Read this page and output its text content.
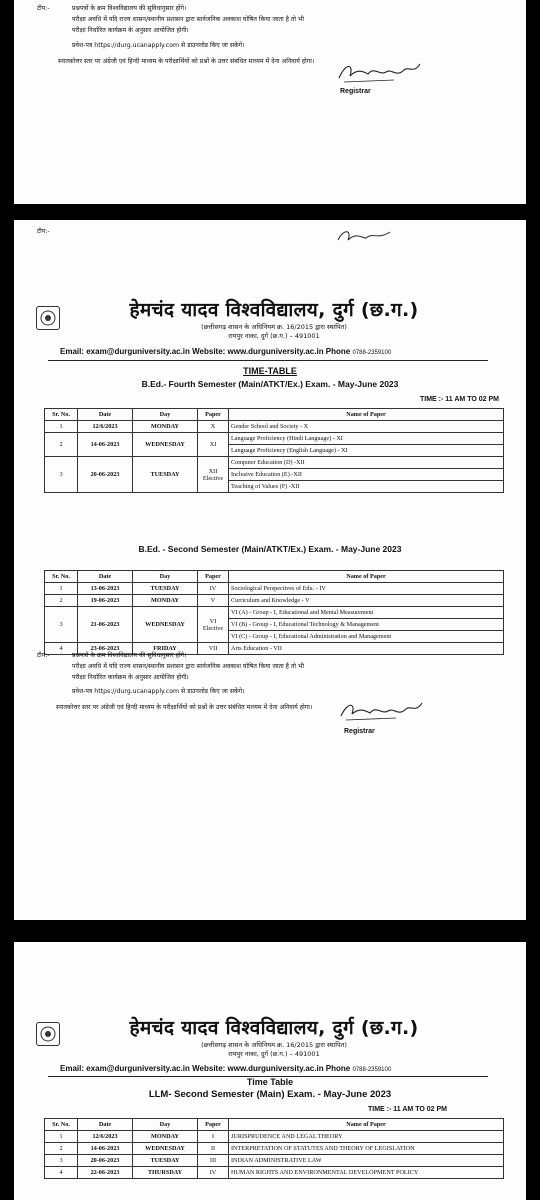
टीप:-	प्रश्नपत्रों के क्रम विश्वविद्यालय की सुविधानुसार होंगे।
परीक्षा अवधि में यदि राज्य शासन/स्थानीय प्रशासन द्वारा सार्वजनिक अवकाश घोषित किया जाता है तो भी
परीक्षा निर्धारित कार्यक्रम के अनुसार आयोजित होगी।
प्रवेश-पत्र https://durg.ucanapply.com से डाउनलोड किए जा सकेंगे।
स्नातकोत्तर स्तर पर अंग्रेजी एवं हिन्दी माध्यम के परीक्षार्थियों को प्रश्नों के उत्तर संबंधित माध्यम में देना अनिवार्य होगा।
Registrar
टीप:-
हेमचंद यादव विश्वविद्यालय, दुर्ग (छ.ग.)
(छत्तीसगढ़ शासन के अधिनियम क्र. 16/2015 द्वारा स्थापित)
रायपुर नाका, दुर्ग (छ.ग.) – 491001
Email: exam@durguniversity.ac.in Website: www.durguniversity.ac.in Phone 0788-2359100
TIME-TABLE
B.Ed.- Fourth Semester (Main/ATKT/Ex.) Exam. - May-June 2023
TIME :- 11 AM TO 02 PM
Sr. No.	Date	Day	Paper	Name of Paper
1	12/6/2023	MONDAY	X	Gender School and Society - X
2	14-06-2023	WEDNESDAY	XI	Language Proficiency (Hindi Language) - XI
				Language Proficiency (English Language) - XI
3	20-06-2023	TUESDAY	XII Elective	Computer Education (D) -XII
				Inclusive Education (E) -XII
				Teaching of Values (F) -XII
B.Ed. - Second Semester (Main/ATKT/Ex.) Exam. - May-June 2023
Sr. No.	Date	Day	Paper	Name of Paper
1	13-06-2023	TUESDAY	IV	Sociological Perspectives of Edu. - IV
2	19-06-2023	MONDAY	V	Curriculum and Knowledge - V
3	21-06-2023	WEDNESDAY	VI Elective	VI (A) - Group - I, Educational and Mental Measurement
				VI (B) - Group - I, Educational Technology & Management
				VI (C) - Group - I, Educational Administration and Management
4	23-06-2023	FRIDAY	VII	Arts Education - VII
टीप:-	प्रश्नपत्रों के क्रम विश्वविद्यालय की सुविधानुसार होंगे।
परीक्षा अवधि में यदि राज्य शासन/स्थानीय प्रशासन द्वारा सार्वजनिक अवकाश घोषित किया जाता है तो भी
परीक्षा निर्धारित कार्यक्रम के अनुसार आयोजित होगी।
प्रवेश-पत्र https://durg.ucanapply.com से डाउनलोड किए जा सकेंगे।
स्नातकोत्तर स्तर पर अंग्रेजी एवं हिन्दी माध्यम के परीक्षार्थियों को प्रश्नों के उत्तर संबंधित माध्यम में देना अनिवार्य होगा।
Registrar
हेमचंद यादव विश्वविद्यालय, दुर्ग (छ.ग.)
(छत्तीसगढ़ शासन के अधिनियम क्र. 16/2015 द्वारा स्थापित)
रायपुर नाका, दुर्ग (छ.ग.) – 491001
Email: exam@durguniversity.ac.in Website: www.durguniversity.ac.in Phone 0788-2359100
Time Table
LLM- Second Semester (Main) Exam. - May-June 2023
TIME :- 11 AM TO 02 PM
Sr. No.	Date	Day	Paper	Name of Paper
1	12/6/2023	MONDAY	I	JURISPRUDENCE AND LEGAL THEORY
2	14-06-2023	WEDNESDAY	II	INTERPRETATION OF STATUTES AND THEORY OF LEGISLATION
3	20-06-2023	TUESDAY	III	INDIAN ADMINISTRATIVE LAW
4	22-06-2023	THURSDAY	IV	HUMAN RIGHTS AND ENVIRONMENTAL DEVELOPMENT POLICY
